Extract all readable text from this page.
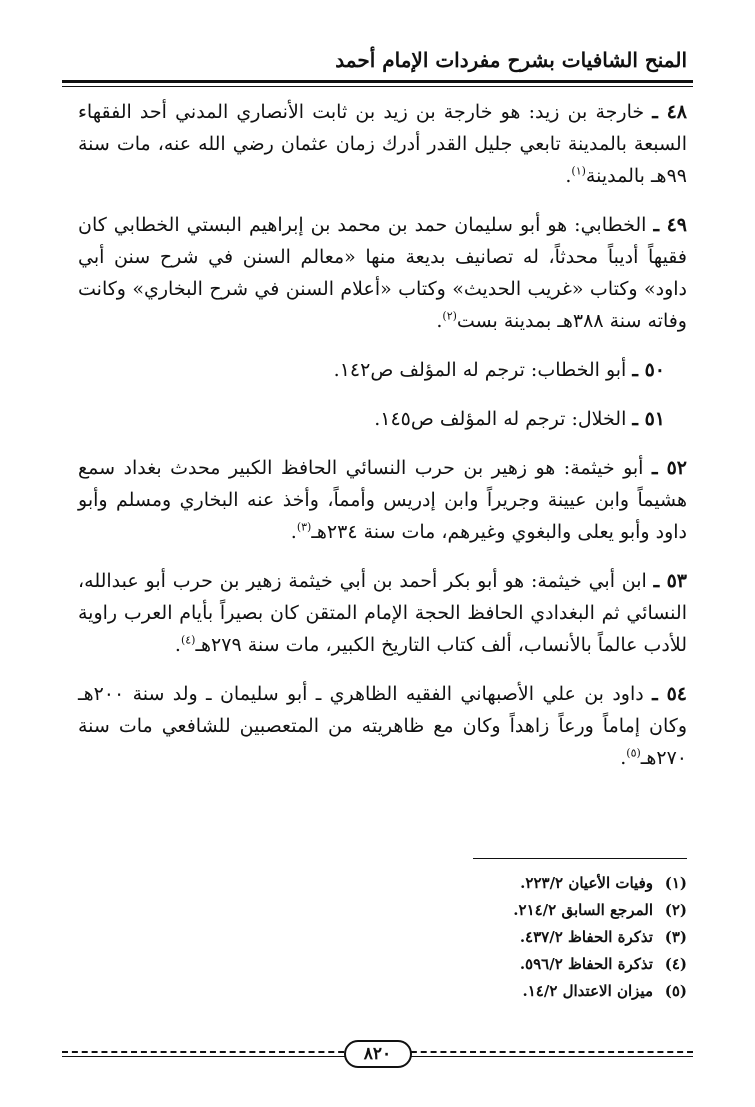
المنح الشافيات بشرح مفردات الإمام أحمد

٤٨ ـ خارجة بن زيد: هو خارجة بن زيد بن ثابت الأنصاري المدني أحد الفقهاء السبعة بالمدينة تابعي جليل القدر أدرك زمان عثمان رضي الله عنه، مات سنة ٩٩هـ بالمدينة$^{(١)}$.

٤٩ ـ الخطابي: هو أبو سليمان حمد بن محمد بن إبراهيم البستي الخطابي كان فقيهاً أديباً محدثاً، له تصانيف بديعة منها «معالم السنن في شرح سنن أبي داود» وكتاب «غريب الحديث» وكتاب «أعلام السنن في شرح البخاري» وكانت وفاته سنة ٣٨٨هـ بمدينة بست$^{(٢)}$.

٥٠ ـ أبو الخطاب: ترجم له المؤلف ص١٤٢.

٥١ ـ الخلال: ترجم له المؤلف ص١٤٥.

٥٢ ـ أبو خيثمة: هو زهير بن حرب النسائي الحافظ الكبير محدث بغداد سمع هشيماً وابن عيينة وجريراً وابن إدريس وأمماً، وأخذ عنه البخاري ومسلم وأبو داود وأبو يعلى والبغوي وغيرهم، مات سنة ٢٣٤هـ$^{(٣)}$.

٥٣ ـ ابن أبي خيثمة: هو أبو بكر أحمد بن أبي خيثمة زهير بن حرب أبو عبدالله، النسائي ثم البغدادي الحافظ الحجة الإمام المتقن كان بصيراً بأيام العرب راوية للأدب عالماً بالأنساب، ألف كتاب التاريخ الكبير، مات سنة ٢٧٩هـ$^{(٤)}$.

٥٤ ـ داود بن علي الأصبهاني الفقيه الظاهري ـ أبو سليمان ـ ولد سنة ٢٠٠هـ وكان إماماً ورعاً زاهداً وكان مع ظاهريته من المتعصبين للشافعي مات سنة ٢٧٠هـ$^{(٥)}$.

(١)وفيات الأعيان ٢٢٣/٢.
(٢)المرجع السابق ٢١٤/٢.
(٣)تذكرة الحفاظ ٤٣٧/٢.
(٤)تذكرة الحفاظ ٥٩٦/٢.
(٥)ميزان الاعتدال ١٤/٢.
٨٢٠
